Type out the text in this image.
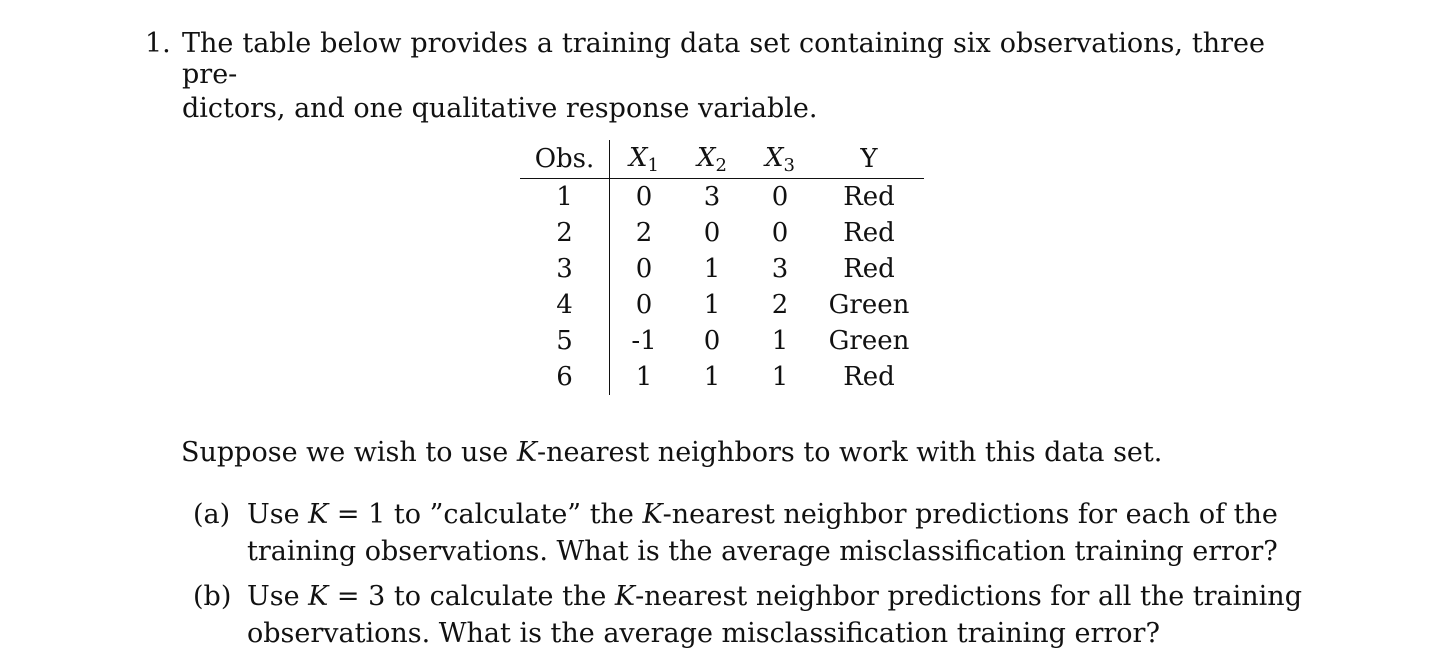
1. The table below provides a training data set containing six observations, three pre-
dictors, and one qualitative response variable.
Obs.	$X_1$	$X_2$	$X_3$	Y
1	0	3	0	Red
2	2	0	0	Red
3	0	1	3	Red
4	0	1	2	Green
5	-1	0	1	Green
6	1	1	1	Red
Suppose we wish to use K-nearest neighbors to work with this data set.
(a) Use K = 1 to ”calculate” the K-nearest neighbor predictions for each of the
training observations. What is the average misclassification training error?
(b) Use K = 3 to calculate the K-nearest neighbor predictions for all the training
observations. What is the average misclassification training error?
